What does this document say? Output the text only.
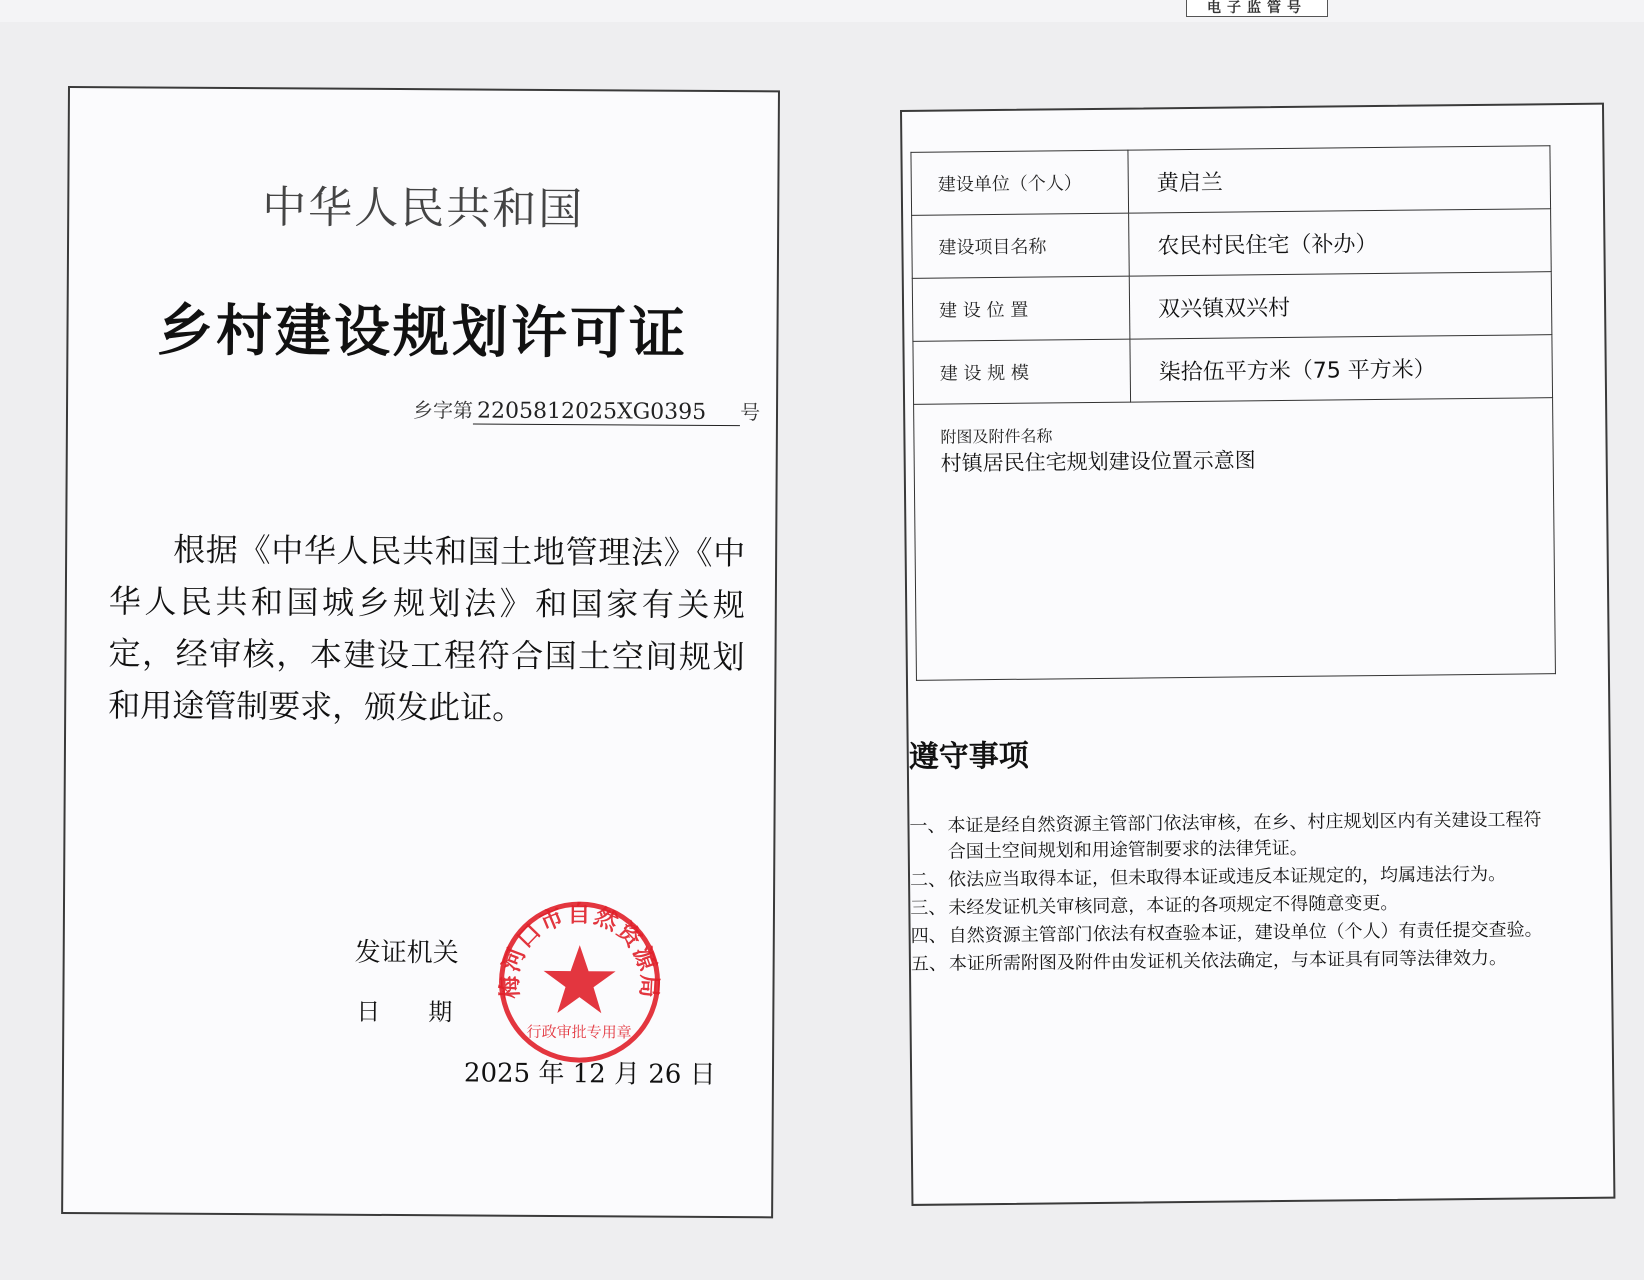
电子监管号
中华人民共和国
乡村建设规划许可证
乡字第 2205812025XG0395 号
根据《中华人民共和国土地管理法》《中华人民共和国城乡规划法》和国家有关规定，经审核，本建设工程符合国土空间规划和用途管制要求，颁发此证。
发证机关
日期
梅河口市自然资源局
行政审批专用章
2025 年 12 月 26 日
建设单位（个人）	黄启兰
建设项目名称	农民村民住宅（补办）
建 设 位 置	双兴镇双兴村
建 设 规 模	柒拾伍平方米（75 平方米）

附图及附件名称
村镇居民住宅规划建设位置示意图	
遵守事项
一、 本证是经自然资源主管部门依法审核，在乡、村庄规划区内有关建设工程符合国土空间规划和用途管制要求的法律凭证。
二、 依法应当取得本证，但未取得本证或违反本证规定的，均属违法行为。
三、 未经发证机关审核同意，本证的各项规定不得随意变更。
四、 自然资源主管部门依法有权查验本证，建设单位（个人）有责任提交查验。
五、 本证所需附图及附件由发证机关依法确定，与本证具有同等法律效力。
